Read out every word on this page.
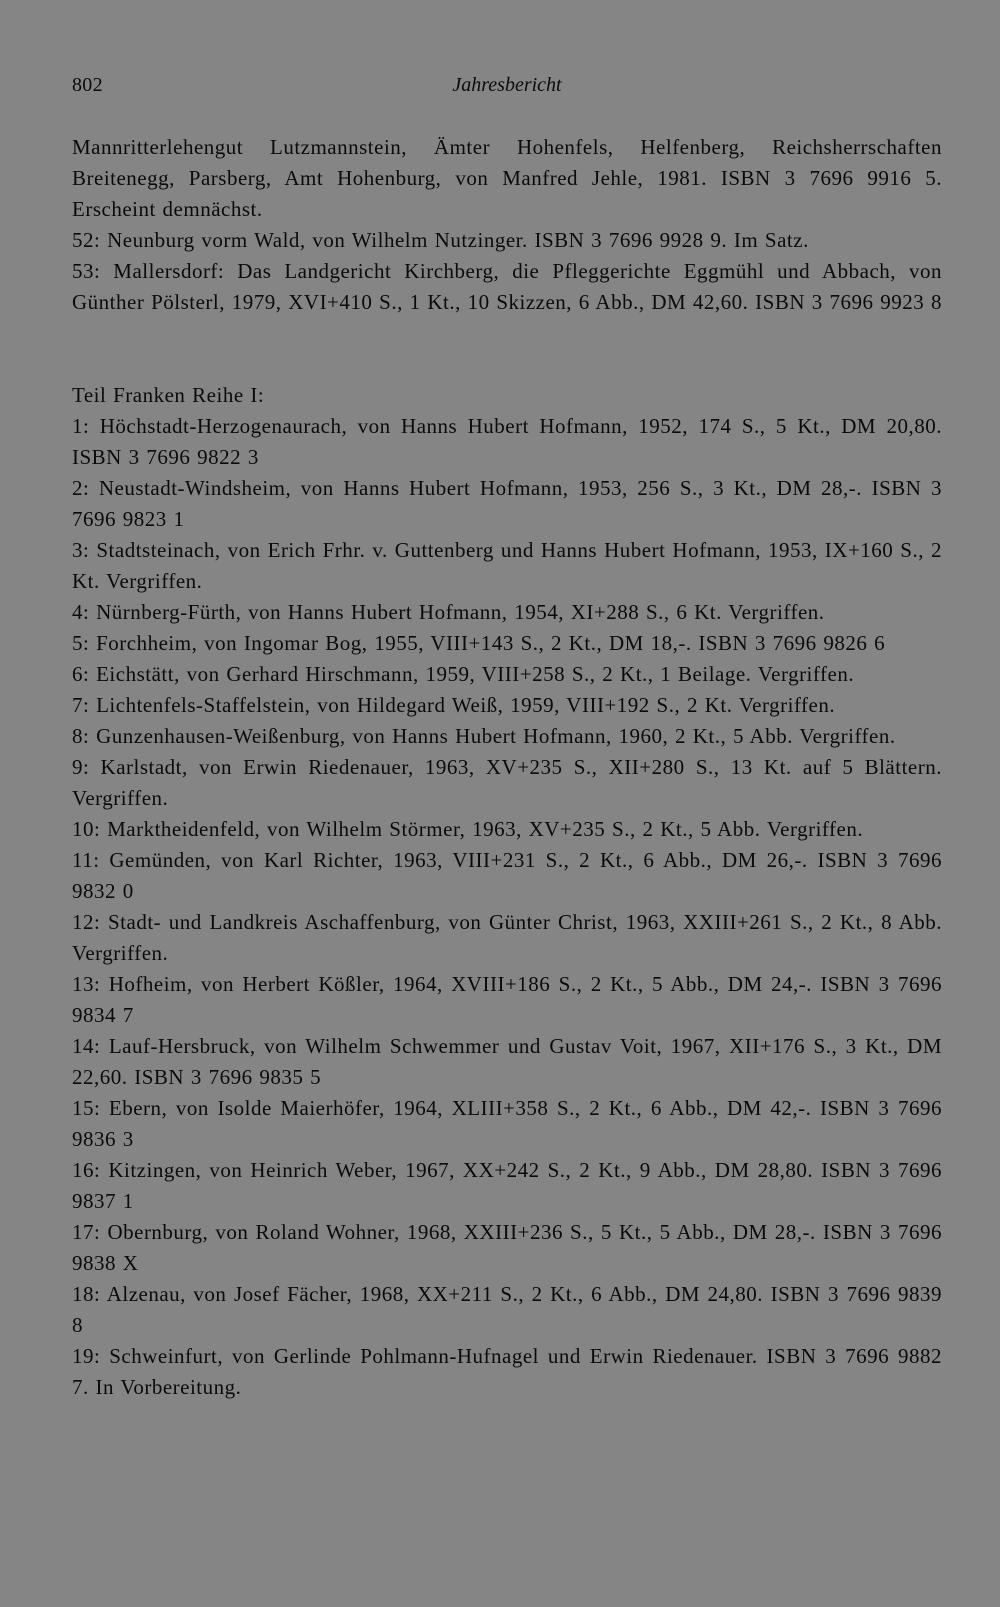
802	Jahresbericht

Mannritterlehengut Lutzmannstein, Ämter Hohenfels, Helfenberg, Reichsherrschaften Breitenegg, Parsberg, Amt Hohenburg, von Manfred Jehle, 1981. ISBN 3 7696 9916 5. Erscheint demnächst.

52: Neunburg vorm Wald, von Wilhelm Nutzinger. ISBN 3 7696 9928 9. Im Satz.

53: Mallersdorf: Das Landgericht Kirchberg, die Pfleggerichte Eggmühl und Abbach, von Günther Pölsterl, 1979, XVI+410 S., 1 Kt., 10 Skizzen, 6 Abb., DM 42,60. ISBN 3 7696 9923 8

Teil Franken Reihe I:

1: Höchstadt-Herzogenaurach, von Hanns Hubert Hofmann, 1952, 174 S., 5 Kt., DM 20,80. ISBN 3 7696 9822 3

2: Neustadt-Windsheim, von Hanns Hubert Hofmann, 1953, 256 S., 3 Kt., DM 28,-. ISBN 3 7696 9823 1

3: Stadtsteinach, von Erich Frhr. v. Guttenberg und Hanns Hubert Hofmann, 1953, IX+160 S., 2 Kt. Vergriffen.

4: Nürnberg-Fürth, von Hanns Hubert Hofmann, 1954, XI+288 S., 6 Kt. Vergriffen.

5: Forchheim, von Ingomar Bog, 1955, VIII+143 S., 2 Kt., DM 18,-. ISBN 3 7696 9826 6

6: Eichstätt, von Gerhard Hirschmann, 1959, VIII+258 S., 2 Kt., 1 Beilage. Vergriffen.

7: Lichtenfels-Staffelstein, von Hildegard Weiß, 1959, VIII+192 S., 2 Kt. Vergriffen.

8: Gunzenhausen-Weißenburg, von Hanns Hubert Hofmann, 1960, 2 Kt., 5 Abb. Vergriffen.

9: Karlstadt, von Erwin Riedenauer, 1963, XV+235 S., XII+280 S., 13 Kt. auf 5 Blättern. Vergriffen.

10: Marktheidenfeld, von Wilhelm Störmer, 1963, XV+235 S., 2 Kt., 5 Abb. Vergriffen.

11: Gemünden, von Karl Richter, 1963, VIII+231 S., 2 Kt., 6 Abb., DM 26,-. ISBN 3 7696 9832 0

12: Stadt- und Landkreis Aschaffenburg, von Günter Christ, 1963, XXIII+261 S., 2 Kt., 8 Abb. Vergriffen.

13: Hofheim, von Herbert Kößler, 1964, XVIII+186 S., 2 Kt., 5 Abb., DM 24,-. ISBN 3 7696 9834 7

14: Lauf-Hersbruck, von Wilhelm Schwemmer und Gustav Voit, 1967, XII+176 S., 3 Kt., DM 22,60. ISBN 3 7696 9835 5

15: Ebern, von Isolde Maierhöfer, 1964, XLIII+358 S., 2 Kt., 6 Abb., DM 42,-. ISBN 3 7696 9836 3

16: Kitzingen, von Heinrich Weber, 1967, XX+242 S., 2 Kt., 9 Abb., DM 28,80. ISBN 3 7696 9837 1

17: Obernburg, von Roland Wohner, 1968, XXIII+236 S., 5 Kt., 5 Abb., DM 28,-. ISBN 3 7696 9838 X

18: Alzenau, von Josef Fächer, 1968, XX+211 S., 2 Kt., 6 Abb., DM 24,80. ISBN 3 7696 9839 8

19: Schweinfurt, von Gerlinde Pohlmann-Hufnagel und Erwin Riedenauer. ISBN 3 7696 9882 7. In Vorbereitung.
